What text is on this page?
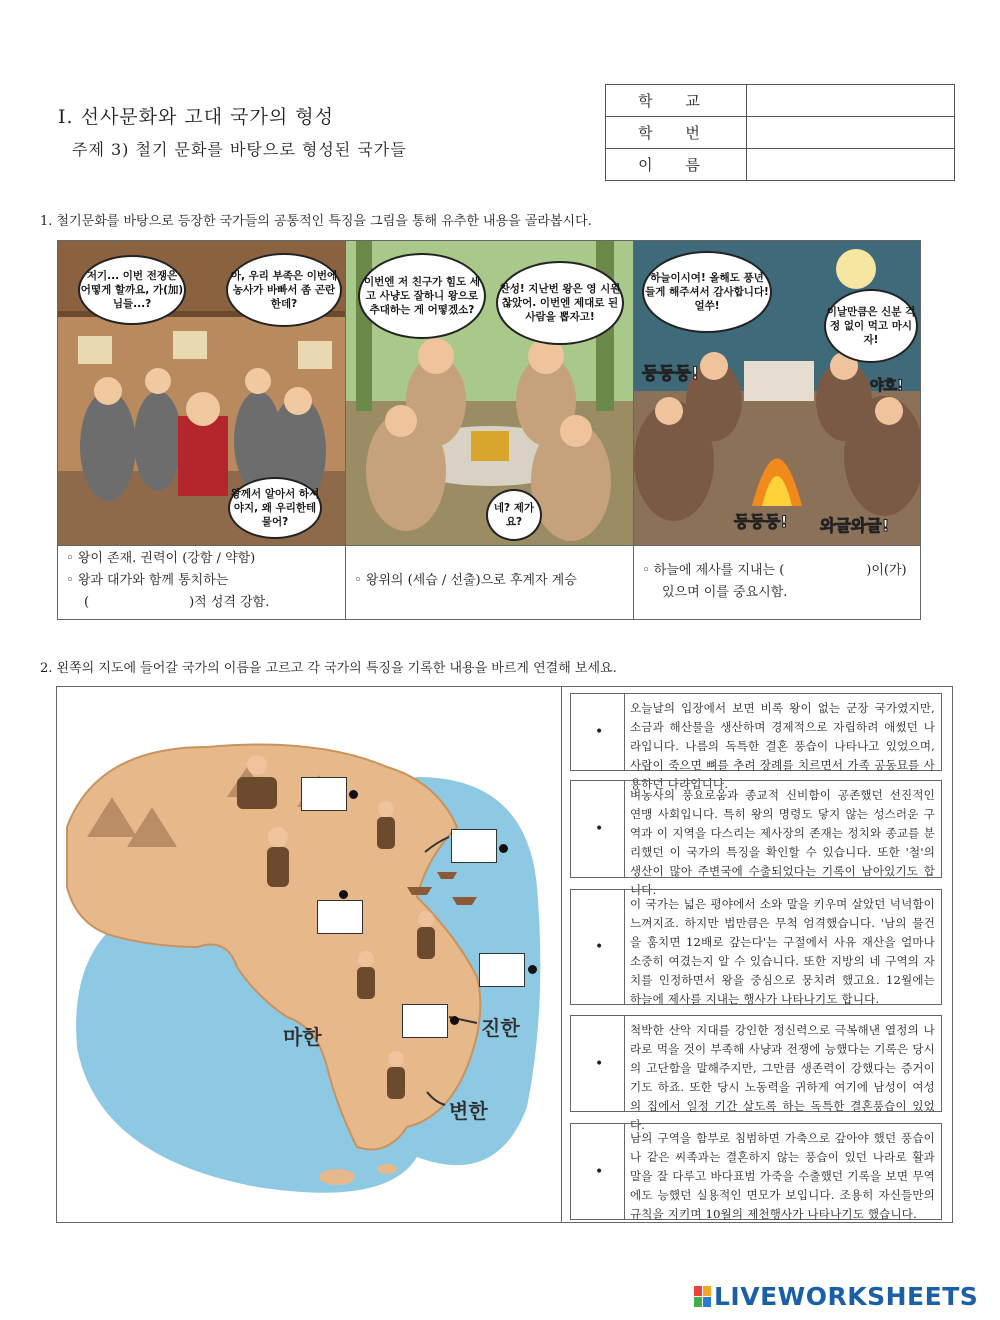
Ⅰ. 선사문화와 고대 국가의 형성
주제 3) 철기 문화를 바탕으로 형성된 국가들
학 교	
학 번	
이 름	
1. 철기문화를 바탕으로 등장한 국가들의 공통적인 특징을 그림을 통해 유추한 내용을 골라봅시다.
저기... 이번 전쟁은 어떻게 할까요, 가(加)님들...?
아, 우리 부족은 이번에 농사가 바빠서 좀 곤란한데?
왕께서 알아서 하셔야지, 왜 우리한테 물어?
이번엔 저 친구가 힘도 세고 사냥도 잘하니 왕으로 추대하는 게 어떻겠소?
찬성! 지난번 왕은 영 시원찮았어. 이번엔 제대로 된 사람을 뽑자고!
네? 제가요?
하늘이시여! 올해도 풍년 들게 해주셔서 감사합니다! 얼쑤!	이날만큼은 신분 걱정 없이 먹고 마시자!
둥둥둥!
야호!
둥둥둥! 와글와글!
◦ 왕이 존재. 권력이 (강함 / 약함)
◦ 왕과 대가와 함께 통치하는
(	)적 성격 강함.
◦ 왕위의 (세습 / 선출)으로 후계자 계승
◦ 하늘에 제사를 지내는 (	)이(가)
있으며 이를 중요시함.
2. 왼쪽의 지도에 들어갈 국가의 이름을 고르고 각 국가의 특징을 기록한 내용을 바르게 연결해 보세요.
마한	진한
변한
•
오늘날의 입장에서 보면 비록 왕이 없는 군장 국가였지만, 소금과 해산물을 생산하며 경제적으로 자립하려 애썼던 나라입니다. 나름의 독특한 결혼 풍습이 나타나고 있었으며, 사람이 죽으면 뼈를 추려 장례를 치르면서 가족 공동묘를 사용하던 나라입니다.
•
벼농사의 풍요로움과 종교적 신비함이 공존했던 선진적인 연맹 사회입니다. 특히 왕의 명령도 닿지 않는 성스러운 구역과 이 지역을 다스리는 제사장의 존재는 정치와 종교를 분리했던 이 국가의 특징을 확인할 수 있습니다. 또한 '철'의 생산이 많아 주변국에 수출되었다는 기록이 남아있기도 합니다.
•
이 국가는 넓은 평야에서 소와 말을 키우며 살았던 넉넉함이 느껴지죠. 하지만 법만큼은 무척 엄격했습니다. '남의 물건을 훔치면 12배로 갚는다'는 구절에서 사유 재산을 얼마나 소중히 여겼는지 알 수 있습니다. 또한 지방의 네 구역의 자치를 인정하면서 왕을 중심으로 뭉치려 했고요. 12월에는 하늘에 제사를 지내는 행사가 나타나기도 합니다.
•
척박한 산악 지대를 강인한 정신력으로 극복해낸 열정의 나라로 먹을 것이 부족해 사냥과 전쟁에 능했다는 기록은 당시의 고단함을 말해주지만, 그만큼 생존력이 강했다는 증거이기도 하죠. 또한 당시 노동력을 귀하게 여기에 남성이 여성의 집에서 일정 기간 살도록 하는 독특한 결혼풍습이 있었다.
•
남의 구역을 함부로 침범하면 가축으로 갚아야 했던 풍습이나 같은 씨족과는 결혼하지 않는 풍습이 있던 나라로 활과 말을 잘 다루고 바다표범 가죽을 수출했던 기록을 보면 무역에도 능했던 실용적인 면모가 보입니다. 조용히 자신들만의 규칙을 지키며 10월의 제천행사가 나타나기도 했습니다.
LIVEWORKSHEETS
